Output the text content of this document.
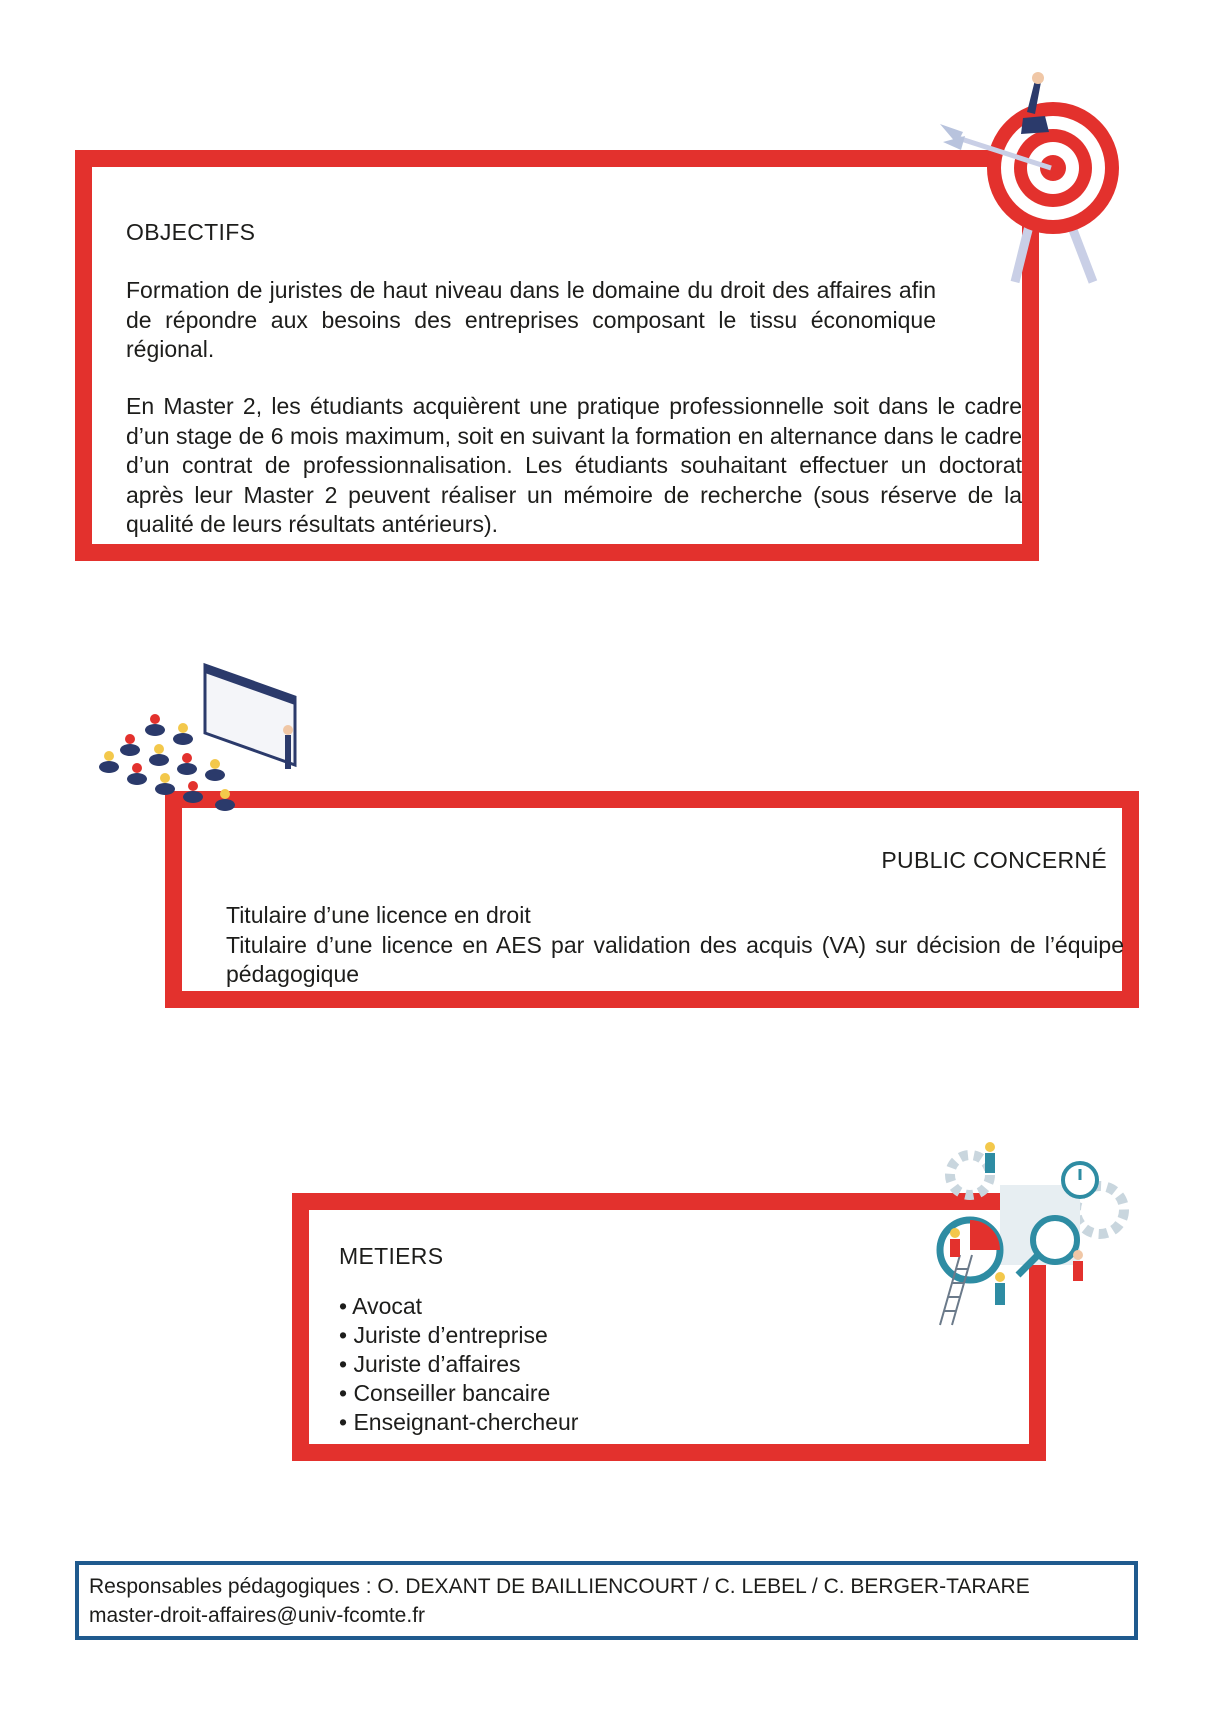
OBJECTIFS

Formation de juristes de haut niveau dans le domaine du droit des affaires afin de répondre aux besoins des entreprises composant le tissu économique régional.

En Master 2, les étudiants acquièrent une pratique professionnelle soit dans le cadre d’un stage de 6 mois maximum, soit en suivant la formation en alternance dans le cadre d’un contrat de professionnalisation. Les étudiants souhaitant effectuer un doctorat après leur Master 2 peuvent réaliser un mémoire de recherche (sous réserve de la qualité de leurs résultats antérieurs).

PUBLIC CONCERNÉ

Titulaire d’une licence en droit

Titulaire d’une licence en AES par validation des acquis (VA) sur décision de l’équipe pédagogique

METIERS
• Avocat
• Juriste d’entreprise
• Juriste d’affaires
• Conseiller bancaire
• Enseignant-chercheur
Responsables pédagogiques : O. DEXANT DE BAILLIENCOURT / C. LEBEL / C. BERGER-TARARE
master-droit-affaires@univ-fcomte.fr
